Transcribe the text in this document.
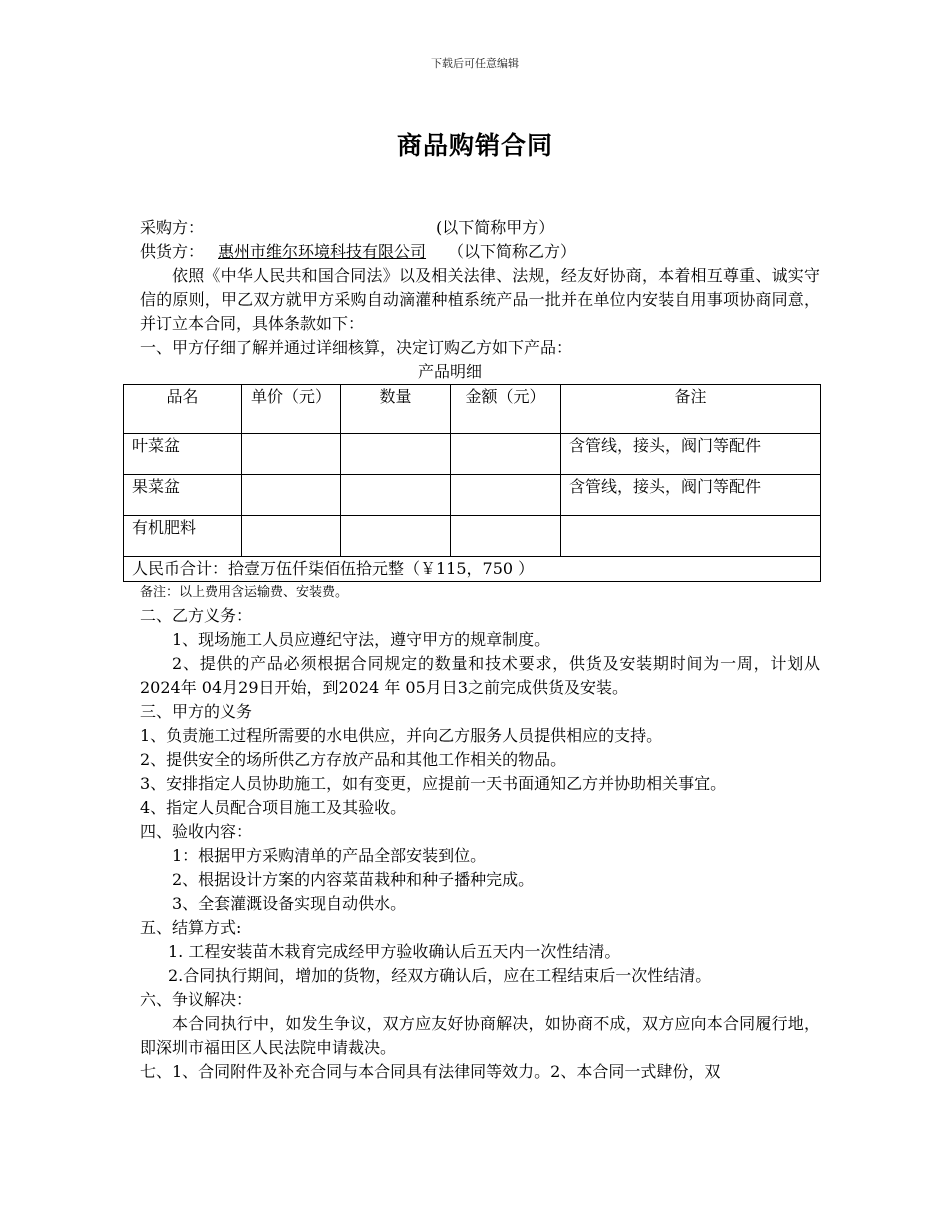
下载后可任意编辑
商品购销合同
采购方：	(以下简称甲方）
供货方： 惠州市维尔环境科技有限公司 （以下简称乙方）
依照《中华人民共和国合同法》以及相关法律、法规，经友好协商，本着相互尊重、诚实守信的原则，甲乙双方就甲方采购自动滴灌种植系统产品一批并在单位内安装自用事项协商同意，并订立本合同，具体条款如下：
一、甲方仔细了解并通过详细核算，决定订购乙方如下产品：
产品明细
品名	单价（元）	数量	金额（元）	备注
叶菜盆				含管线，接头，阀门等配件
果菜盆				含管线，接头，阀门等配件
有机肥料				
人民币合计：拾壹万伍仟柒佰伍拾元整（￥115，750 ）				
备注：以上费用含运输费、安装费。
二、乙方义务：
1、现场施工人员应遵纪守法，遵守甲方的规章制度。
2、提供的产品必须根据合同规定的数量和技术要求，供货及安装期时间为一周，计划从2024年 04月29日开始，到2024 年 05月日3之前完成供货及安装。
三、甲方的义务
1、负责施工过程所需要的水电供应，并向乙方服务人员提供相应的支持。
2、提供安全的场所供乙方存放产品和其他工作相关的物品。
3、安排指定人员协助施工，如有变更，应提前一天书面通知乙方并协助相关事宜。
4、指定人员配合项目施工及其验收。
四、验收内容：
1：根据甲方采购清单的产品全部安装到位。
2、根据设计方案的内容菜苗栽种和种子播种完成。
3、全套灌溉设备实现自动供水。
五、结算方式:
1. 工程安装苗木栽育完成经甲方验收确认后五天内一次性结清。
2.合同执行期间，增加的货物，经双方确认后，应在工程结束后一次性结清。
六、争议解决：
本合同执行中，如发生争议，双方应友好协商解决，如协商不成，双方应向本合同履行地，即深圳市福田区人民法院申请裁决。
七、1、合同附件及补充合同与本合同具有法律同等效力。2、本合同一式肆份，双
